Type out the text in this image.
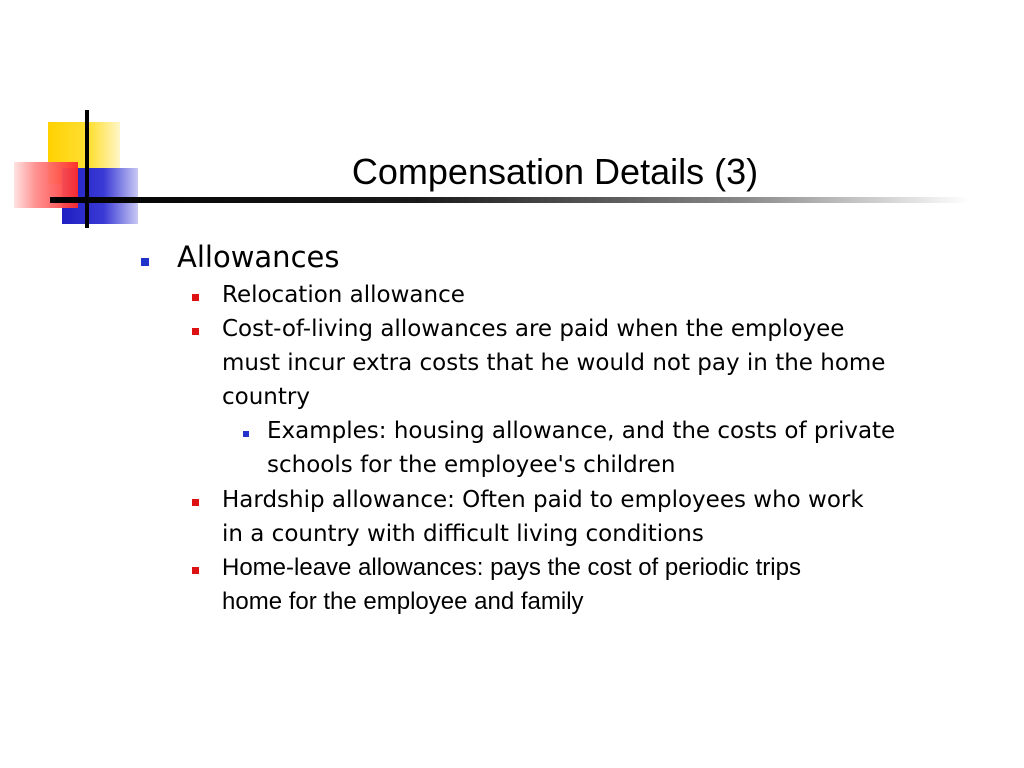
Compensation Details (3)
Allowances
Relocation allowance
Cost-of-living allowances are paid when the employee
must incur extra costs that he would not pay in the home
country
Examples: housing allowance, and the costs of private
schools for the employee's children
Hardship allowance: Often paid to employees who work
in a country with difficult living conditions
Home-leave allowances: pays the cost of periodic trips
home for the employee and family
